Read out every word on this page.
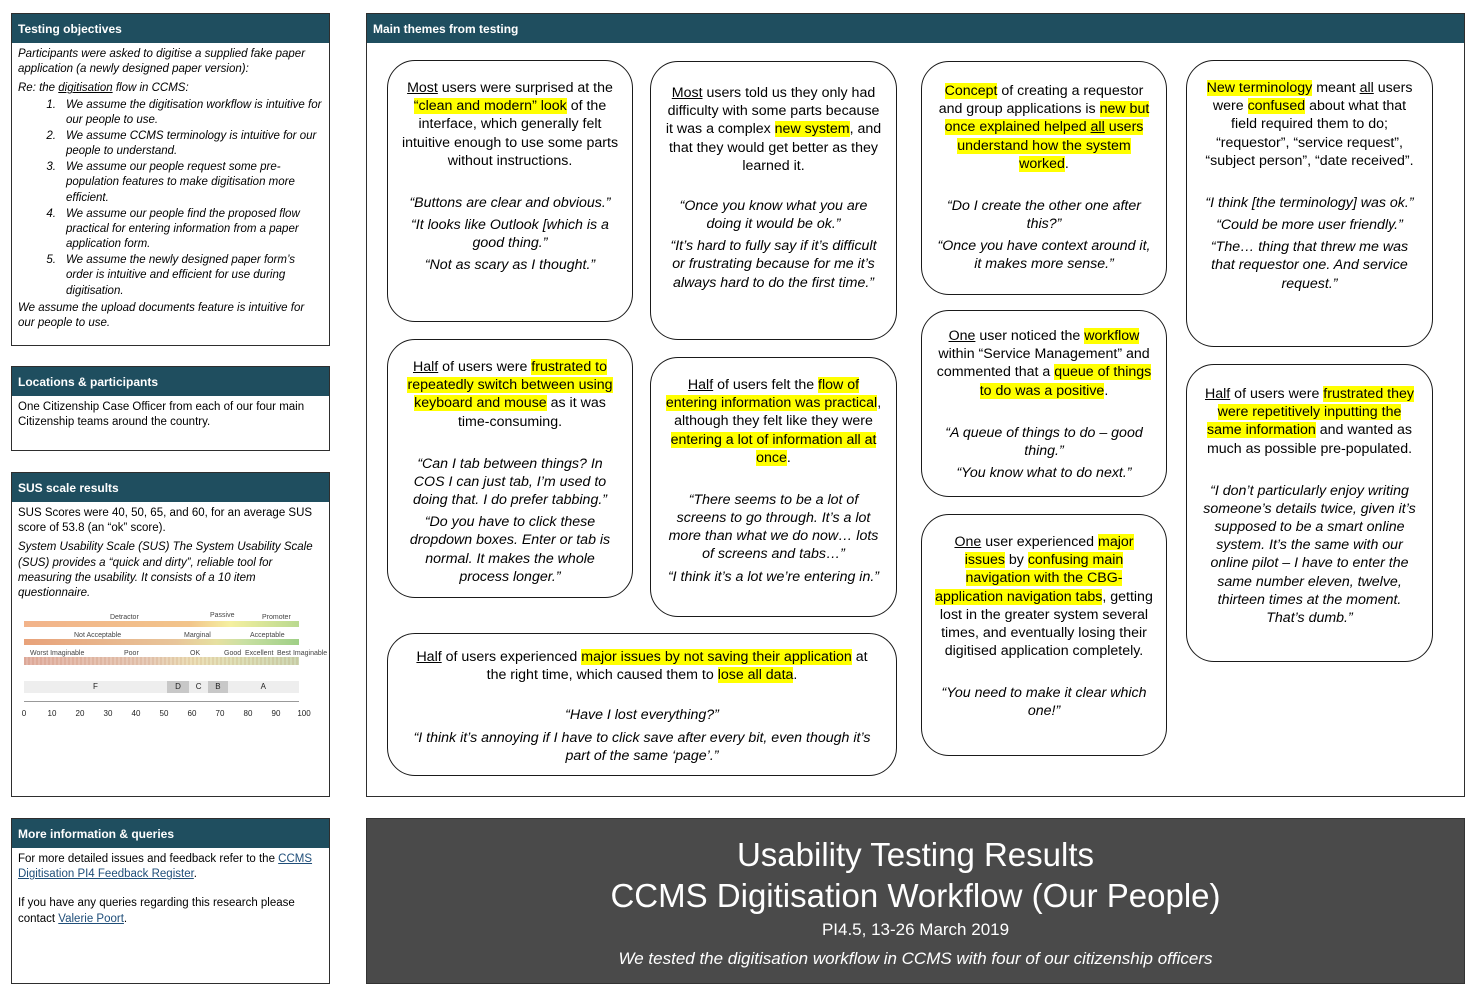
Testing objectives
Participants were asked to digitise a supplied fake paper application (a newly designed paper version):
Re: the digitisation flow in CCMS:
1. We assume the digitisation workflow is intuitive for our people to use.
2. We assume CCMS terminology is intuitive for our people to understand.
3. We assume our people request some pre-population features to make digitisation more efficient.
4. We assume our people find the proposed flow practical for entering information from a paper application form.
5. We assume the newly designed paper form’s order is intuitive and efficient for use during digitisation.
We assume the upload documents feature is intuitive for our people to use.
Locations & participants
One Citizenship Case Officer from each of our four main Citizenship teams around the country.
SUS scale results
SUS Scores were 40, 50, 65, and 60, for an average SUS score of 53.8 (an “ok” score).
System Usability Scale (SUS) The System Usability Scale (SUS) provides a “quick and dirty”, reliable tool for measuring the usability. It consists of a 10 item questionnaire.
Detractor	Passive	Promoter
Not Acceptable	Marginal	Acceptable
Worst Imaginable	Poor	OK	Good Excellent Best Imaginable
F	D	C	B	A
0	10 20 30 40 50 60 70 80 90 100
More information & queries
For more detailed issues and feedback refer to the CCMS Digitisation PI4 Feedback Register.
If you have any queries regarding this research please contact Valerie Poort.
Main themes from testing
Most users were surprised at the “clean and modern” look of the interface, which generally felt intuitive enough to use some parts without instructions.
“Buttons are clear and obvious.”
“It looks like Outlook [which is a good thing.”
“Not as scary as I thought.”
Most users told us they only had difficulty with some parts because it was a complex new system, and that they would get better as they learned it.
“Once you know what you are doing it would be ok.”
“It’s hard to fully say if it’s difficult or frustrating because for me it’s always hard to do the first time.”
Concept of creating a requestor and group applications is new but once explained helped all users understand how the system worked.
“Do I create the other one after this?”
“Once you have context around it, it makes more sense.”
New terminology meant all users were confused about what that field required them to do; “requestor”, “service request”, “subject person”, “date received”.
“I think [the terminology] was ok.”
“Could be more user friendly.”
“The… thing that threw me was that requestor one. And service request.”
Half of users were frustrated to repeatedly switch between using keyboard and mouse as it was time-consuming.
“Can I tab between things? In COS I can just tab, I’m used to doing that. I do prefer tabbing.”
“Do you have to click these dropdown boxes. Enter or tab is normal. It makes the whole process longer.”
Half of users felt the flow of entering information was practical, although they felt like they were entering a lot of information all at once.
“There seems to be a lot of screens to go through. It’s a lot more than what we do now… lots of screens and tabs…”
“I think it’s a lot we’re entering in.”
One user noticed the workflow within “Service Management” and commented that a queue of things to do was a positive.
“A queue of things to do – good thing.”
“You know what to do next.”
Half of users were frustrated they were repetitively inputting the same information and wanted as much as possible pre-populated.
“I don’t particularly enjoy writing someone’s details twice, given it’s supposed to be a smart online system. It’s the same with our online pilot – I have to enter the same number eleven, twelve, thirteen times at the moment. That’s dumb.”
One user experienced major issues by confusing main navigation with the CBG-application navigation tabs, getting lost in the greater system several times, and eventually losing their digitised application completely.
“You need to make it clear which one!”
Half of users experienced major issues by not saving their application at the right time, which caused them to lose all data.
“Have I lost everything?”
“I think it’s annoying if I have to click save after every bit, even though it’s part of the same ‘page’.”
Usability Testing Results
CCMS Digitisation Workflow (Our People)
PI4.5, 13-26 March 2019
We tested the digitisation workflow in CCMS with four of our citizenship officers
